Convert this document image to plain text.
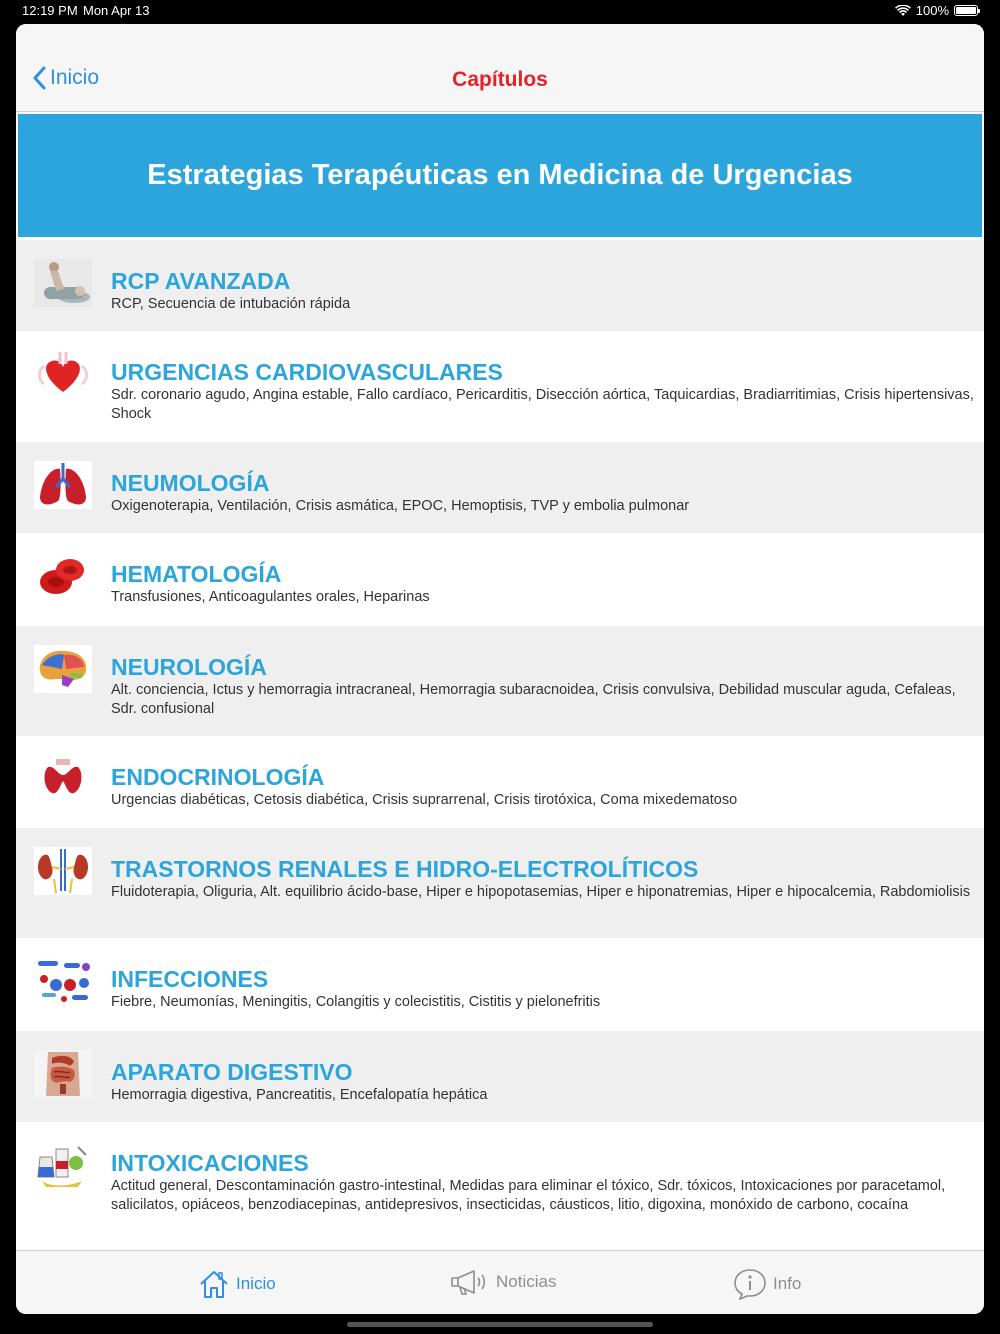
12:19 PM Mon Apr 13	100%
Inicio	Capítulos
Estrategias Terapéuticas en Medicina de Urgencias
RCP AVANZADA
RCP, Secuencia de intubación rápida
URGENCIAS CARDIOVASCULARES
Sdr. coronario agudo, Angina estable, Fallo cardíaco, Pericarditis, Disección aórtica, Taquicardias, Bradiarritimias, Crisis hipertensivas, Shock
NEUMOLOGÍA
Oxigenoterapia, Ventilación, Crisis asmática, EPOC, Hemoptisis, TVP y embolia pulmonar
HEMATOLOGÍA
Transfusiones, Anticoagulantes orales, Heparinas
NEUROLOGÍA
Alt. conciencia, Ictus y hemorragia intracraneal, Hemorragia subaracnoidea, Crisis convulsiva, Debilidad muscular aguda, Cefaleas, Sdr. confusional
ENDOCRINOLOGÍA
Urgencias diabéticas, Cetosis diabética, Crisis suprarrenal, Crisis tirotóxica, Coma mixedematoso
TRASTORNOS RENALES E HIDRO-ELECTROLÍTICOS
Fluidoterapia, Oliguria, Alt. equilibrio ácido-base, Hiper e hipopotasemias, Hiper e hiponatremias, Hiper e hipocalcemia, Rabdomiolisis
INFECCIONES
Fiebre, Neumonías, Meningitis, Colangitis y colecistitis, Cistitis y pielonefritis
APARATO DIGESTIVO
Hemorragia digestiva, Pancreatitis, Encefalopatía hepática
INTOXICACIONES
Actitud general, Descontaminación gastro-intestinal, Medidas para eliminar el tóxico, Sdr. tóxicos, Intoxicaciones por paracetamol, salicilatos, opiáceos, benzodiacepinas, antidepresivos, insecticidas, cáusticos, litio, digoxina, monóxido de carbono, cocaína
Inicio	Noticias	Info
